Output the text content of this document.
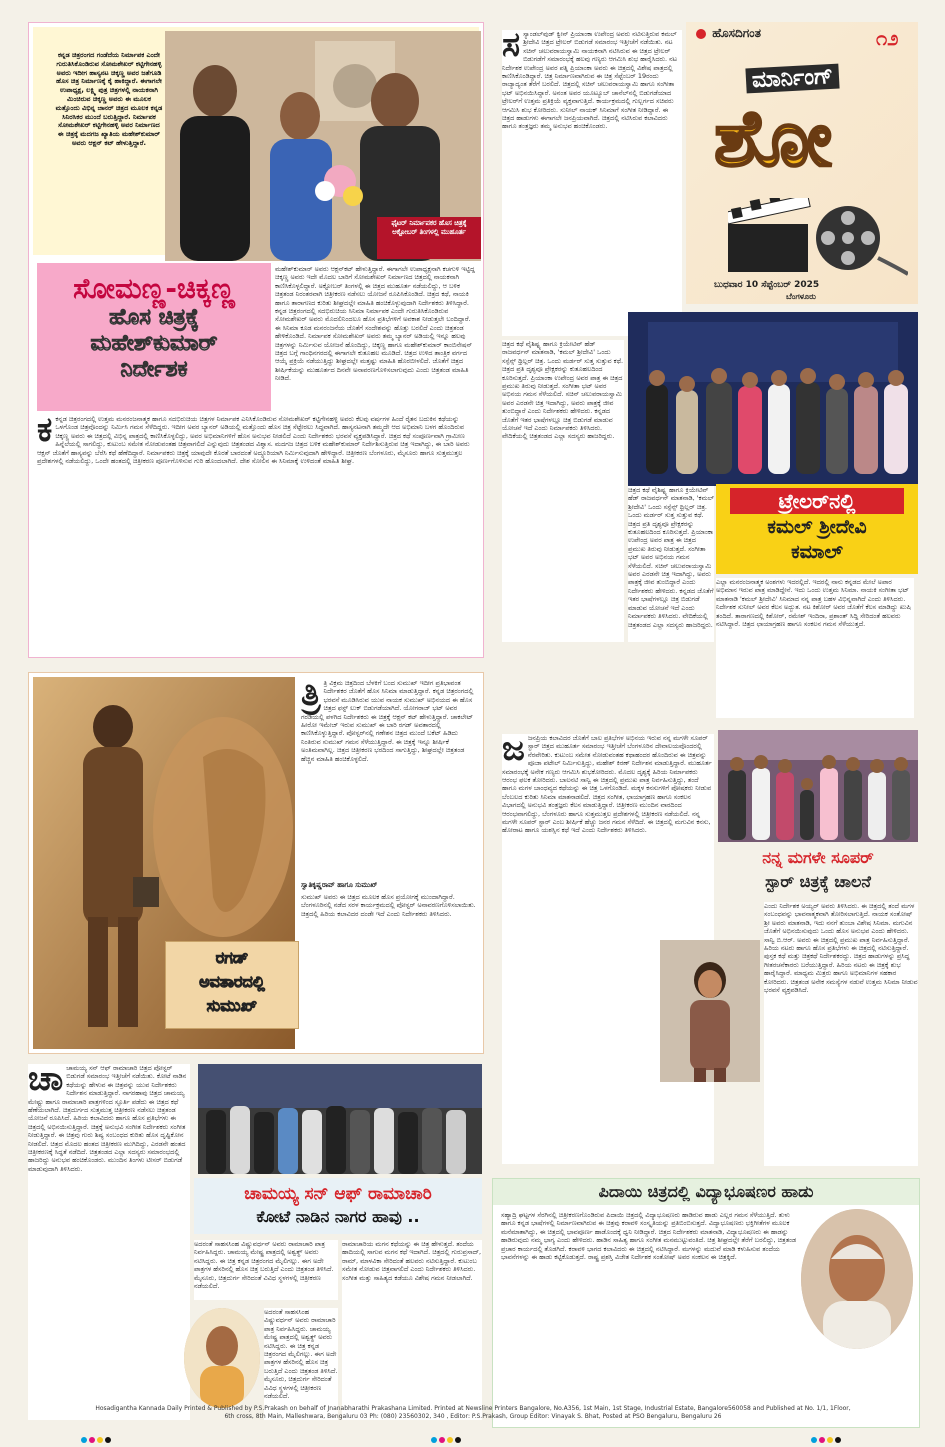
ಕನ್ನಡ ಚಿತ್ರರಂಗದ ಗಂಡೆದೆಯ ನಿರ್ಮಾಪಕ ಎಂದೇ ಗುರುತಿಸಿಕೊಂಡಿರುವ ಸೋಮಶೇಖರ್ ಕಟ್ಟಿಗೇನಹಳ್ಳಿ ಅವರು ಇದೀಗ ಹಾಸ್ಯನಟ ಚಿಕ್ಕಣ್ಣ ಅವರ ಜತೆಗೂಡಿ ಹೊಸ ಚಿತ್ರ ನಿರ್ಮಾಣಕ್ಕೆ ಕೈ ಹಾಕಿದ್ದಾರೆ. ಈಗಾಗಲೇ ಉಪಾಧ್ಯಕ್ಷ, ಲಕ್ಷ್ಮಿ ಪುತ್ರ ಚಿತ್ರಗಳಲ್ಲಿ ನಾಯಕನಾಗಿ ಮಿಂಚಿರುವ ಚಿಕ್ಕಣ್ಣ ಅವರು ಈ ಮೂಲಕ ಮತ್ತೊಂದು ವಿಭಿನ್ನ ಜಾನರ್ ಚಿತ್ರದ ಮೂಲಕ ಕನ್ನಡ ಸಿನಿರಸಿಕರ ಮುಂದೆ ಬರುತ್ತಿದ್ದಾರೆ. ನಿರ್ಮಾಪಕ ಸೋಮಶೇಖರ್ ಕಟ್ಟಿಗೇನಹಳ್ಳಿ ಅವರ ನಿರ್ಮಾಣದ ಈ ಚಿತ್ರಕ್ಕೆ ಮದಗಜ ಖ್ಯಾತಿಯ ಮಹೇಶ್‌ಕುಮಾರ್ ಅವರು ಆಕ್ಷನ್ ಕಟ್ ಹೇಳುತ್ತಿದ್ದಾರೆ.
ಫೈಟರ್ ನಿರ್ಮಾಪಕರ ಹೊಸ ಚಿತ್ರಕ್ಕೆ ಅಕ್ಟೋಬರ್ ತಿಂಗಳಲ್ಲಿ ಮುಹೂರ್ತ
ಸೋಮಣ್ಣ-ಚಿಕ್ಕಣ್ಣ
ಹೊಸ ಚಿತ್ರಕ್ಕೆ
ಮಹೇಶ್‌ಕುಮಾರ್
ನಿರ್ದೇಶಕ
ಮಹೇಶ್‌ಕುಮಾರ್ ಅವರು ಆಕ್ಷನ್‌ಕಟ್ ಹೇಳುತ್ತಿದ್ದಾರೆ. ಈಗಾಗಲೇ ಉಪಾಧ್ಯಕ್ಷನಾಗಿ ಕಚಗುಳಿ ಇಟ್ಟಿದ್ದ ಚಿಕ್ಕಣ್ಣ ಅವರು ಇದೇ ಮೊದಲ ಬಾರಿಗೆ ಸೋಮಶೇಖರ್ ನಿರ್ಮಾಣದ ಚಿತ್ರದಲ್ಲಿ ನಾಯಕನಾಗಿ ಕಾಣಿಸಿಕೊಳ್ಳಲಿದ್ದಾರೆ. ಅಕ್ಟೋಬರ್ ತಿಂಗಳಲ್ಲಿ ಈ ಚಿತ್ರದ ಮುಹೂರ್ತ ನಡೆಯಲಿದ್ದು, ಆ ಬಳಿಕ ಚಿತ್ರತಂಡ ನಿರಂತರವಾಗಿ ಚಿತ್ರೀಕರಣ ನಡೆಸಲು ಯೋಜನೆ ರೂಪಿಸಿಕೊಂಡಿದೆ. ಚಿತ್ರದ ಕಥೆ, ನಾಯಕಿ ಹಾಗೂ ತಾರಾಗಣದ ಕುರಿತು ಶೀಘ್ರದಲ್ಲೇ ಮಾಹಿತಿ ಹಂಚಿಕೊಳ್ಳುವುದಾಗಿ ನಿರ್ದೇಶಕರು ತಿಳಿಸಿದ್ದಾರೆ. ಕನ್ನಡ ಚಿತ್ರರಂಗದಲ್ಲಿ ಸದಭಿರುಚಿಯ ಸಿನಿಮಾ ನಿರ್ಮಾಪಕ ಎಂದೇ ಗುರುತಿಸಿಕೊಂಡಿರುವ ಸೋಮಶೇಖರ್ ಅವರು ಮೊದಲಿನಿಂದಲೂ ಹೊಸ ಪ್ರತಿಭೆಗಳಿಗೆ ಅವಕಾಶ ನೀಡುತ್ತಲೇ ಬಂದಿದ್ದಾರೆ. ಈ ಸಿನಿಮಾ ಕೂಡ ಮನರಂಜನೆಯ ಜೊತೆಗೆ ಸಂದೇಶವನ್ನು ಹೊತ್ತು ಬರಲಿದೆ ಎಂದು ಚಿತ್ರತಂಡ ಹೇಳಿಕೊಂಡಿದೆ. ನಿರ್ಮಾಪಕ ಸೋಮಶೇಖರ್ ಅವರು ತಮ್ಮ ಬ್ಯಾನರ್ ಅಡಿಯಲ್ಲಿ ಇನ್ನೂ ಹಲವು ಚಿತ್ರಗಳನ್ನು ನಿರ್ಮಿಸುವ ಯೋಜನೆ ಹೊಂದಿದ್ದು, ಚಿಕ್ಕಣ್ಣ ಹಾಗೂ ಮಹೇಶ್‌ಕುಮಾರ್ ಕಾಂಬಿನೇಷನ್ ಚಿತ್ರದ ಬಗ್ಗೆ ಗಾಂಧಿನಗರದಲ್ಲಿ ಈಗಾಗಲೇ ಕುತೂಹಲ ಮೂಡಿದೆ. ಚಿತ್ರದ ಉಳಿದ ತಾಂತ್ರಿಕ ವರ್ಗದ ಆಯ್ಕೆ ಪ್ರಕ್ರಿಯೆ ನಡೆಯುತ್ತಿದ್ದು ಶೀಘ್ರದಲ್ಲೇ ಮತ್ತಷ್ಟು ಮಾಹಿತಿ ಹೊರಬೀಳಲಿದೆ. ಜೊತೆಗೆ ಚಿತ್ರದ ಶೀರ್ಷಿಕೆಯನ್ನು ಮುಹೂರ್ತದ ದಿನವೇ ಅನಾವರಣಗೊಳಿಸಲಾಗುವುದು ಎಂದು ಚಿತ್ರತಂಡ ಮಾಹಿತಿ ನೀಡಿದೆ.
ಕಕನ್ನಡ ಚಿತ್ರರಂಗದಲ್ಲಿ ಉತ್ತಮ ಮನರಂಜನಾತ್ಮಕ ಹಾಗೂ ಸದಭಿರುಚಿಯ ಚಿತ್ರಗಳ ನಿರ್ಮಾಪಕ ಎನಿಸಿಕೊಂಡಿರುವ ಸೋಮಶೇಖರ್ ಕಟ್ಟಿಗೇನಹಳ್ಳಿ ಅವರು ಕೆಲವು ವರ್ಷಗಳ ಹಿಂದೆ ರೈತನ ಬದುಕಿನ ಕಥೆಯನ್ನು ಒಳಗೊಂಡ ಚಿತ್ರವೊಂದನ್ನು ನಿರ್ಮಿಸಿ ಗಮನ ಸೆಳೆದಿದ್ದರು. ಇದೀಗ ಅವರ ಬ್ಯಾನರ್ ಅಡಿಯಲ್ಲಿ ಮತ್ತೊಂದು ಹೊಸ ಚಿತ್ರ ಸೆಟ್ಟೇರಲು ಸಿದ್ಧವಾಗಿದೆ. ಹಾಸ್ಯನಟನಾಗಿ ತಮ್ಮದೇ ಆದ ಅಭಿಮಾನಿ ಬಳಗ ಹೊಂದಿರುವ ಚಿಕ್ಕಣ್ಣ ಅವರು ಈ ಚಿತ್ರದಲ್ಲಿ ವಿಭಿನ್ನ ಪಾತ್ರದಲ್ಲಿ ಕಾಣಿಸಿಕೊಳ್ಳಲಿದ್ದು, ಅವರ ಅಭಿಮಾನಿಗಳಿಗೆ ಹೊಸ ಅನುಭವ ನೀಡಲಿದೆ ಎಂದು ನಿರ್ದೇಶಕರು ಭರವಸೆ ವ್ಯಕ್ತಪಡಿಸಿದ್ದಾರೆ. ಚಿತ್ರದ ಕಥೆ ಸಂಪೂರ್ಣವಾಗಿ ಗ್ರಾಮೀಣ ಹಿನ್ನೆಲೆಯಲ್ಲಿ ಸಾಗಲಿದ್ದು, ಕುಟುಂಬ ಸಮೇತ ನೋಡುವಂತಹ ಚಿತ್ರವಾಗಲಿದೆ ಎನ್ನುವುದು ಚಿತ್ರತಂಡದ ವಿಶ್ವಾಸ. ಮದಗಜ ಚಿತ್ರದ ಬಳಿಕ ಮಹೇಶ್‌ಕುಮಾರ್ ನಿರ್ದೇಶಿಸುತ್ತಿರುವ ಚಿತ್ರ ಇದಾಗಿದ್ದು, ಈ ಬಾರಿ ಅವರು ಆಕ್ಷನ್ ಜೊತೆಗೆ ಹಾಸ್ಯವನ್ನು ಬೆರೆಸಿ ಕಥೆ ಹೆಣೆದಿದ್ದಾರೆ. ನಿರ್ಮಾಪಕರು ಚಿತ್ರಕ್ಕೆ ಯಾವುದೇ ಕೊರತೆ ಬಾರದಂತೆ ಅದ್ಧೂರಿಯಾಗಿ ನಿರ್ಮಿಸುವುದಾಗಿ ಹೇಳಿದ್ದಾರೆ. ಚಿತ್ರೀಕರಣ ಬೆಂಗಳೂರು, ಮೈಸೂರು ಹಾಗೂ ಸುತ್ತಮುತ್ತಲ ಪ್ರದೇಶಗಳಲ್ಲಿ ನಡೆಯಲಿದ್ದು, ಒಂದೇ ಹಂತದಲ್ಲಿ ಚಿತ್ರೀಕರಣ ಪೂರ್ಣಗೊಳಿಸುವ ಗುರಿ ಹೊಂದಲಾಗಿದೆ. ದೇಶ ಸೋಲಿನ ಈ ಸಿನಿಮಾಕ್ಕೆ ಉಳಿದಂತೆ ಮಾಹಿತಿ ಶೀಘ್ರ.
ಹೊಸದಿಗಂತ	೧೨
ಮಾರ್ನಿಂಗ್
ಶೋ
ಬುಧವಾರ 10 ಸೆಪ್ಟೆಂಬರ್ 2025
ಬೆಂಗಳೂರು
ಸಸ್ಯಾಂಡಲ್‌ವುಡ್ ಕ್ವೀನ್ ಪ್ರಿಯಾಂಕಾ ಉಪೇಂದ್ರ ಅವರು ನಟಿಸುತ್ತಿರುವ ಕಮಲ್ ಶ್ರೀದೇವಿ ಚಿತ್ರದ ಟ್ರೇಲರ್ ಬಿಡುಗಡೆ ಸಮಾರಂಭ ಇತ್ತೀಚೆಗೆ ನಡೆಯಿತು. ನಟ ಸಚಿನ್ ಚಲುವರಾಯಸ್ವಾಮಿ ನಾಯಕನಾಗಿ ನಟಿಸಿರುವ ಈ ಚಿತ್ರದ ಟ್ರೇಲರ್ ಬಿಡುಗಡೆಗೆ ಸಮಾರಂಭಕ್ಕೆ ಹಲವು ಗಣ್ಯರು ಆಗಮಿಸಿ ಶುಭ ಹಾರೈಸಿದರು. ನಟ ನಿರ್ದೇಶಕ ಉಪೇಂದ್ರ ಅವರ ಪತ್ನಿ ಪ್ರಿಯಾಂಕಾ ಅವರು ಈ ಚಿತ್ರದಲ್ಲಿ ವಿಶೇಷ ಪಾತ್ರದಲ್ಲಿ ಕಾಣಿಸಿಕೊಂಡಿದ್ದಾರೆ. ಚಿತ್ರ ನಿರ್ಮಾಣವಾಗಿರುವ ಈ ಚಿತ್ರ ಸೆಪ್ಟೆಂಬರ್ 19ರಂದು ರಾಜ್ಯಾದ್ಯಂತ ತೆರೆಗೆ ಬರಲಿದೆ. ಚಿತ್ರದಲ್ಲಿ ಸಚಿನ್ ಚಲುವರಾಯಸ್ವಾಮಿ ಹಾಗೂ ಸಂಗೀತಾ ಭಟ್ ಅಭಿನಯಿಸಿದ್ದಾರೆ. ಅನಂತ ಅವರ ಯೂಟ್ಯೂಬ್ ಚಾನೆಲ್‌ನಲ್ಲಿ ಬಿಡುಗಡೆಯಾದ ಟ್ರೇಲರ್‌ಗೆ ಉತ್ತಮ ಪ್ರತಿಕ್ರಿಯೆ ವ್ಯಕ್ತವಾಗುತ್ತಿದೆ. ಕಾರ್ಯಕ್ರಮದಲ್ಲಿ ಗುಲ್ಬರ್ಗದ ಸಚಿವರು ಆಗಮಿಸಿ ಶುಭ ಕೋರಿದರು. ಸುನೀಲ್ ನಾಯಕ್ ಸಿನಿಮಾಗೆ ಸಂಗೀತ ನೀಡಿದ್ದಾರೆ. ಈ ಚಿತ್ರದ ಹಾಡುಗಳು ಈಗಾಗಲೇ ಜನಪ್ರಿಯವಾಗಿದೆ. ಚಿತ್ರದಲ್ಲಿ ನಟಿಸಿರುವ ಕಲಾವಿದರು ಹಾಗೂ ತಂತ್ರಜ್ಞರು ತಮ್ಮ ಅನುಭವ ಹಂಚಿಕೊಂಡರು.
ಚಿತ್ರದ ಕಥೆ ವೈಶಿಷ್ಟ್ಯ ಹಾಗೂ ಕ್ರಿಯೇಟಿವ್ ಹೆಡ್ ರಾಜವರ್ಧನ್ ಮಾತನಾಡಿ, 'ಕಮಲ್ ಶ್ರೀದೇವಿ' ಒಂದು ಸಸ್ಪೆನ್ಸ್ ಥ್ರಿಲ್ಲರ್ ಚಿತ್ರ. ಒಂದು ಮರ್ಡರ್ ಸುತ್ತ ಸುತ್ತುವ ಕಥೆ. ಚಿತ್ರದ ಪ್ರತಿ ದೃಶ್ಯವೂ ಪ್ರೇಕ್ಷಕರನ್ನು ಕುತೂಹಲದಿಂದ ಕೂರಿಸುತ್ತದೆ. ಪ್ರಿಯಾಂಕಾ ಉಪೇಂದ್ರ ಅವರ ಪಾತ್ರ ಈ ಚಿತ್ರದ ಪ್ರಮುಖ ತಿರುವು ನೀಡುತ್ತದೆ. ಸಂಗೀತಾ ಭಟ್ ಅವರ ಅಭಿನಯ ಗಮನ ಸೆಳೆಯಲಿದೆ. ಸಚಿನ್ ಚಲುವರಾಯಸ್ವಾಮಿ ಅವರ ಎರಡನೇ ಚಿತ್ರ ಇದಾಗಿದ್ದು, ಅವರು ಪಾತ್ರಕ್ಕೆ ಜೀವ ತುಂಬಿದ್ದಾರೆ ಎಂದು ನಿರ್ದೇಶಕರು ಹೇಳಿದರು. ಕನ್ನಡದ ಜೊತೆಗೆ ಇತರ ಭಾಷೆಗಳಲ್ಲೂ ಚಿತ್ರ ಬಿಡುಗಡೆ ಮಾಡುವ ಯೋಚನೆ ಇದೆ ಎಂದು ನಿರ್ಮಾಪಕರು ತಿಳಿಸಿದರು. ವೇದಿಕೆಯಲ್ಲಿ ಚಿತ್ರತಂಡದ ಎಲ್ಲಾ ಸದಸ್ಯರು ಹಾಜರಿದ್ದರು.
ಟ್ರೇಲರ್‌ನಲ್ಲಿ
ಕಮಲ್ ಶ್ರೀದೇವಿ
ಕಮಾಲ್
ಚಿತ್ರದ ಕಥೆ ವೈಶಿಷ್ಟ್ಯ ಹಾಗೂ ಕ್ರಿಯೇಟಿವ್ ಹೆಡ್ ರಾಜವರ್ಧನ್ ಮಾತನಾಡಿ, 'ಕಮಲ್ ಶ್ರೀದೇವಿ' ಒಂದು ಸಸ್ಪೆನ್ಸ್ ಥ್ರಿಲ್ಲರ್ ಚಿತ್ರ. ಒಂದು ಮರ್ಡರ್ ಸುತ್ತ ಸುತ್ತುವ ಕಥೆ. ಚಿತ್ರದ ಪ್ರತಿ ದೃಶ್ಯವೂ ಪ್ರೇಕ್ಷಕರನ್ನು ಕುತೂಹಲದಿಂದ ಕೂರಿಸುತ್ತದೆ. ಪ್ರಿಯಾಂಕಾ ಉಪೇಂದ್ರ ಅವರ ಪಾತ್ರ ಈ ಚಿತ್ರದ ಪ್ರಮುಖ ತಿರುವು ನೀಡುತ್ತದೆ. ಸಂಗೀತಾ ಭಟ್ ಅವರ ಅಭಿನಯ ಗಮನ ಸೆಳೆಯಲಿದೆ. ಸಚಿನ್ ಚಲುವರಾಯಸ್ವಾಮಿ ಅವರ ಎರಡನೇ ಚಿತ್ರ ಇದಾಗಿದ್ದು, ಅವರು ಪಾತ್ರಕ್ಕೆ ಜೀವ ತುಂಬಿದ್ದಾರೆ ಎಂದು ನಿರ್ದೇಶಕರು ಹೇಳಿದರು. ಕನ್ನಡದ ಜೊತೆಗೆ ಇತರ ಭಾಷೆಗಳಲ್ಲೂ ಚಿತ್ರ ಬಿಡುಗಡೆ ಮಾಡುವ ಯೋಚನೆ ಇದೆ ಎಂದು ನಿರ್ಮಾಪಕರು ತಿಳಿಸಿದರು. ವೇದಿಕೆಯಲ್ಲಿ ಚಿತ್ರತಂಡದ ಎಲ್ಲಾ ಸದಸ್ಯರು ಹಾಜರಿದ್ದರು.
ಎಲ್ಲಾ ಮನರಂಜನಾತ್ಮಕ ಅಂಶಗಳು ಇದರಲ್ಲಿದೆ. ಇದರಲ್ಲಿ ನಾನು ಕನ್ನಡದ ಮೇಲೆ ಅಪಾರ ಅಭಿಮಾನ ಇರುವ ಪಾತ್ರ ಮಾಡಿದ್ದೇನೆ. ಇದು ಒಂದು ಉತ್ತಮ ಸಿನಿಮಾ. ನಾಯಕಿ ಸಂಗೀತಾ ಭಟ್ ಮಾತನಾಡಿ 'ಕಮಲ್ ಶ್ರೀದೇವಿ' ಸಿನಿಮಾದ ನನ್ನ ಪಾತ್ರ ಬಹಳ ವಿಭಿನ್ನವಾಗಿದೆ ಎಂದು ತಿಳಿಸಿದರು. ನಿರ್ದೇಶಕ ಸುನೀಲ್ ಅವರ ಕೆಲಸ ಅದ್ಭುತ. ನಟ ಕಿಶೋರ್ ಅವರ ಜೊತೆಗೆ ಕೆಲಸ ಮಾಡಿದ್ದು ಖುಷಿ ತಂದಿದೆ. ತಾರಾಗಣದಲ್ಲಿ ಕಿಶೋರ್, ರಮೇಶ್ ಇಂದಿರಾ, ಪ್ರಶಾಂತ್ ಸಿದ್ದಿ ಸೇರಿದಂತೆ ಹಲವರು ನಟಿಸಿದ್ದಾರೆ. ಚಿತ್ರದ ಛಾಯಾಗ್ರಹಣ ಹಾಗೂ ಸಂಕಲನ ಗಮನ ಸೆಳೆಯುತ್ತದೆ.
ರಗಡ್
ಅವತಾರದಲ್ಲಿ
ಸುಮುಖ್
ತ್ರಿ ತ್ರಿ ವಿಕ್ರಮ ಚಿತ್ರದಿಂದ ಬೆಳಕಿಗೆ ಬಂದ ಸುಮುಖ್ ಇದೀಗ ಪ್ರತಿಭಾವಂತ ನಿರ್ದೇಶಕರ ಜೊತೆಗೆ ಹೊಸ ಸಿನಿಮಾ ಮಾಡುತ್ತಿದ್ದಾರೆ. ಕನ್ನಡ ಚಿತ್ರರಂಗದಲ್ಲಿ ಭರವಸೆ ಮೂಡಿಸಿರುವ ಯುವ ನಾಯಕ ಸುಮುಖ್ ಅಭಿನಯದ ಈ ಹೊಸ ಚಿತ್ರದ ಫಸ್ಟ್ ಲುಕ್ ಬಿಡುಗಡೆಯಾಗಿದೆ. ಯೋಗರಾಜ್ ಭಟ್ ಅವರ ಗರಡಿಯಲ್ಲಿ ಪಳಗಿದ ನಿರ್ದೇಶಕರು ಈ ಚಿತ್ರಕ್ಕೆ ಆಕ್ಷನ್ ಕಟ್ ಹೇಳುತ್ತಿದ್ದಾರೆ. ಚಾಕಲೇಟ್ ಹೀರೋ ಇಮೇಜ್ ಇರುವ ಸುಮುಖ್ ಈ ಬಾರಿ ರಗಡ್ ಅವತಾರದಲ್ಲಿ ಕಾಣಿಸಿಕೊಳ್ಳುತ್ತಿದ್ದಾರೆ. ಪೋಸ್ಟರ್‌ನಲ್ಲಿ ಗಣೇಶನ ಚಿತ್ರದ ಮುಂದೆ ಬಕೆಟ್ ಹಿಡಿದು ನಿಂತಿರುವ ಸುಮುಖ್ ಗಮನ ಸೆಳೆಯುತ್ತಿದ್ದಾರೆ. ಈ ಚಿತ್ರಕ್ಕೆ ಇನ್ನೂ ಶೀರ್ಷಿಕೆ ಅಂತಿಮವಾಗಿಲ್ಲ. ಚಿತ್ರದ ಚಿತ್ರೀಕರಣ ಭರದಿಂದ ಸಾಗುತ್ತಿದ್ದು, ಶೀಘ್ರದಲ್ಲೇ ಚಿತ್ರತಂಡ ಹೆಚ್ಚಿನ ಮಾಹಿತಿ ಹಂಚಿಕೊಳ್ಳಲಿದೆ.
ಸ್ವಾತಿಕೃಷ್ಣರಾವ್ ಹಾಗೂ ಸುಮುಖ್
ಸುಮುಖ್ ಅವರು ಈ ಚಿತ್ರದ ಮೂಲಕ ಹೊಸ ಪ್ರಯೋಗಕ್ಕೆ ಮುಂದಾಗಿದ್ದಾರೆ. ಬೆಂಗಳೂರಿನಲ್ಲಿ ನಡೆದ ಸರಳ ಕಾರ್ಯಕ್ರಮದಲ್ಲಿ ಪೋಸ್ಟರ್ ಅನಾವರಣಗೊಳಿಸಲಾಯಿತು. ಚಿತ್ರದಲ್ಲಿ ಹಿರಿಯ ಕಲಾವಿದರ ದಂಡೇ ಇದೆ ಎಂದು ನಿರ್ದೇಶಕರು ತಿಳಿಸಿದರು.
ಜಜನಪ್ರಿಯ ಕಲಾವಿದರ ಜೊತೆಗೆ ಬಾಲ ಪ್ರತಿಭೆಗಳ ಅಭಿನಯ ಇರುವ ನನ್ನ ಮಗಳೇ ಸೂಪರ್ ಸ್ಟಾರ್ ಚಿತ್ರದ ಮುಹೂರ್ತ ಸಮಾರಂಭ ಇತ್ತೀಚೆಗೆ ಬೆಂಗಳೂರಿನ ದೇವಾಲಯವೊಂದರಲ್ಲಿ ನೆರವೇರಿತು. ಕುಟುಂಬ ಸಮೇತ ನೋಡುವಂತಹ ಕಥಾಹಂದರ ಹೊಂದಿರುವ ಈ ಚಿತ್ರವನ್ನು ಪೂಜಾ ಪಟೇಲ್ ನಿರ್ಮಿಸುತ್ತಿದ್ದು, ಮಹೇಶ್ ಕಿರಣ್ ನಿರ್ದೇಶನ ಮಾಡುತ್ತಿದ್ದಾರೆ. ಮುಹೂರ್ತ ಸಮಾರಂಭಕ್ಕೆ ಅನೇಕ ಗಣ್ಯರು ಆಗಮಿಸಿ ಶುಭಕೋರಿದರು. ಮೊದಲ ದೃಶ್ಯಕ್ಕೆ ಹಿರಿಯ ನಿರ್ಮಾಪಕರು ಆರಂಭ ಫಲಕ ತೋರಿದರು. ಬಾಲನಟಿ ಸಾನ್ವಿ ಈ ಚಿತ್ರದಲ್ಲಿ ಪ್ರಮುಖ ಪಾತ್ರ ನಿರ್ವಹಿಸುತ್ತಿದ್ದು, ತಂದೆ ಹಾಗೂ ಮಗಳ ಬಾಂಧವ್ಯದ ಕಥೆಯನ್ನು ಈ ಚಿತ್ರ ಒಳಗೊಂಡಿದೆ. ಮಕ್ಕಳ ಕನಸುಗಳಿಗೆ ಪೋಷಕರು ನೀಡುವ ಬೆಂಬಲದ ಕುರಿತು ಸಿನಿಮಾ ಮಾತನಾಡಲಿದೆ. ಚಿತ್ರದ ಸಂಗೀತ, ಛಾಯಾಗ್ರಹಣ ಹಾಗೂ ಸಂಕಲನ ವಿಭಾಗದಲ್ಲಿ ಅನುಭವಿ ತಂತ್ರಜ್ಞರು ಕೆಲಸ ಮಾಡುತ್ತಿದ್ದಾರೆ. ಚಿತ್ರೀಕರಣ ಮುಂದಿನ ವಾರದಿಂದ ಆರಂಭವಾಗಲಿದ್ದು, ಬೆಂಗಳೂರು ಹಾಗೂ ಸುತ್ತಮುತ್ತಲ ಪ್ರದೇಶಗಳಲ್ಲಿ ಚಿತ್ರೀಕರಣ ನಡೆಯಲಿದೆ. ನನ್ನ ಮಗಳೇ ಸೂಪರ್ ಸ್ಟಾರ್ ಎಂಬ ಶೀರ್ಷಿಕೆ ಹೆಚ್ಚು ಜನರ ಗಮನ ಸೆಳೆದಿದೆ. ಈ ಚಿತ್ರದಲ್ಲಿ ಮಗುವಿನ ಕನಸು, ಹೋರಾಟ ಹಾಗೂ ಯಶಸ್ಸಿನ ಕಥೆ ಇದೆ ಎಂದು ನಿರ್ದೇಶಕರು ತಿಳಿಸಿದರು.
ನನ್ನ ಮಗಳೇ ಸೂಪರ್
ಸ್ಟಾರ್ ಚಿತ್ರಕ್ಕೆ ಚಾಲನೆ
ಎಂದು ನಿರ್ದೇಶಕ ಅಯ್ಯರ್ ಅವರು ತಿಳಿಸಿದರು. ಈ ಚಿತ್ರದಲ್ಲಿ ತಂದೆ ಮಗಳ ಸಂಬಂಧವನ್ನು ಭಾವನಾತ್ಮಕವಾಗಿ ತೋರಿಸಲಾಗುತ್ತಿದೆ. ನಾಯಕ ಸಂತೋಷ್ ಶ್ರೀ ಅವರು ಮಾತನಾಡಿ, ಇದು ನನಗೆ ತುಂಬಾ ವಿಶೇಷ ಸಿನಿಮಾ. ಮಗುವಿನ ಜೊತೆಗೆ ಅಭಿನಯಿಸುವುದು ಒಂದು ಹೊಸ ಅನುಭವ ಎಂದು ಹೇಳಿದರು. ಸಾನ್ವಿ ಬಿ.ಆರ್. ಅವರು ಈ ಚಿತ್ರದಲ್ಲಿ ಪ್ರಮುಖ ಪಾತ್ರ ನಿರ್ವಹಿಸುತ್ತಿದ್ದಾರೆ. ಹಿರಿಯ ನಟರು ಹಾಗೂ ಹೊಸ ಪ್ರತಿಭೆಗಳು ಈ ಚಿತ್ರದಲ್ಲಿ ನಟಿಸುತ್ತಿದ್ದಾರೆ. ಪುಸ್ತಕ ಕಥೆ ಮತ್ತು ಚಿತ್ರಕಥೆ ನಿರ್ದೇಶಕರದ್ದು. ಚಿತ್ರದ ಹಾಡುಗಳನ್ನು ಪ್ರಸಿದ್ಧ ಗೀತರಚನೆಕಾರರು ಬರೆಯುತ್ತಿದ್ದಾರೆ. ಹಿರಿಯ ನಟರು ಈ ಚಿತ್ರಕ್ಕೆ ಶುಭ ಹಾರೈಸಿದ್ದಾರೆ. ಮಾಧ್ಯಮ ಮಿತ್ರರು ಹಾಗೂ ಅಭಿಮಾನಿಗಳ ಸಹಕಾರ ಕೋರಿದರು. ಚಿತ್ರತಂಡ ಅನೇಕ ಸಮಸ್ಯೆಗಳ ನಡುವೆ ಉತ್ತಮ ಸಿನಿಮಾ ನೀಡುವ ಭರವಸೆ ವ್ಯಕ್ತಪಡಿಸಿದೆ.
ಚಾಚಾಮಯ್ಯ ಸನ್ ಆಫ್ ರಾಮಾಚಾರಿ ಚಿತ್ರದ ಪೋಸ್ಟರ್ ಬಿಡುಗಡೆ ಸಮಾರಂಭ ಇತ್ತೀಚೆಗೆ ನಡೆಯಿತು. ಕೋಟೆ ನಾಡಿನ ಕಥೆಯನ್ನು ಹೇಳುವ ಈ ಚಿತ್ರವನ್ನು ಯುವ ನಿರ್ದೇಶಕರು ನಿರ್ದೇಶನ ಮಾಡುತ್ತಿದ್ದಾರೆ. ನಾಗರಹಾವು ಚಿತ್ರದ ಚಾಮಯ್ಯ ಮೇಷ್ಟ್ರು ಹಾಗೂ ರಾಮಾಚಾರಿ ಪಾತ್ರಗಳಿಂದ ಸ್ಫೂರ್ತಿ ಪಡೆದು ಈ ಚಿತ್ರದ ಕಥೆ ಹೆಣೆಯಲಾಗಿದೆ. ಚಿತ್ರದುರ್ಗದ ಸುತ್ತಮುತ್ತ ಚಿತ್ರೀಕರಣ ನಡೆಸಲು ಚಿತ್ರತಂಡ ಯೋಜನೆ ರೂಪಿಸಿದೆ. ಹಿರಿಯ ಕಲಾವಿದರು ಹಾಗೂ ಹೊಸ ಪ್ರತಿಭೆಗಳು ಈ ಚಿತ್ರದಲ್ಲಿ ಅಭಿನಯಿಸುತ್ತಿದ್ದಾರೆ. ಚಿತ್ರಕ್ಕೆ ಅನುಭವಿ ಸಂಗೀತ ನಿರ್ದೇಶಕರು ಸಂಗೀತ ನೀಡುತ್ತಿದ್ದಾರೆ. ಈ ಚಿತ್ರವು ಗುರು ಶಿಷ್ಯ ಸಂಬಂಧದ ಕುರಿತು ಹೊಸ ದೃಷ್ಟಿಕೋನ ನೀಡಲಿದೆ. ಚಿತ್ರದ ಮೊದಲ ಹಂತದ ಚಿತ್ರೀಕರಣ ಮುಗಿದಿದ್ದು, ಎರಡನೇ ಹಂತದ ಚಿತ್ರೀಕರಣಕ್ಕೆ ಸಿದ್ಧತೆ ನಡೆದಿದೆ. ಚಿತ್ರತಂಡದ ಎಲ್ಲಾ ಸದಸ್ಯರು ಸಮಾರಂಭದಲ್ಲಿ ಹಾಜರಿದ್ದು ಅನುಭವ ಹಂಚಿಕೊಂಡರು. ಮುಂದಿನ ತಿಂಗಳು ಟೀಸರ್ ಬಿಡುಗಡೆ ಮಾಡುವುದಾಗಿ ತಿಳಿಸಿದರು.
ಚಾಮಯ್ಯ ಸನ್ ಆಫ್ ರಾಮಾಚಾರಿ
ಕೋಟೆ ನಾಡಿನ ನಾಗರ ಹಾವು ..
ಅದರಂತೆ ಸಾಹಸಸಿಂಹ ವಿಷ್ಣುವರ್ಧನ್ ಅವರು ರಾಮಾಚಾರಿ ಪಾತ್ರ ನಿರ್ವಹಿಸಿದ್ದರು. ಚಾಮಯ್ಯ ಮೇಷ್ಟ್ರ ಪಾತ್ರದಲ್ಲಿ ಅಶ್ವತ್ಥ್ ಅವರು ನಟಿಸಿದ್ದರು. ಈ ಚಿತ್ರ ಕನ್ನಡ ಚಿತ್ರರಂಗದ ಮೈಲಿಗಲ್ಲು. ಈಗ ಅದೇ ಪಾತ್ರಗಳ ಹೆಸರಿನಲ್ಲಿ ಹೊಸ ಚಿತ್ರ ಬರುತ್ತಿದೆ ಎಂದು ಚಿತ್ರತಂಡ ತಿಳಿಸಿದೆ. ಮೈಸೂರು, ಚಿತ್ರದುರ್ಗ ಸೇರಿದಂತೆ ವಿವಿಧ ಸ್ಥಳಗಳಲ್ಲಿ ಚಿತ್ರೀಕರಣ ನಡೆಯಲಿದೆ.
ಅದರಂತೆ ಸಾಹಸಸಿಂಹ ವಿಷ್ಣುವರ್ಧನ್ ಅವರು ರಾಮಾಚಾರಿ ಪಾತ್ರ ನಿರ್ವಹಿಸಿದ್ದರು. ಚಾಮಯ್ಯ ಮೇಷ್ಟ್ರ ಪಾತ್ರದಲ್ಲಿ ಅಶ್ವತ್ಥ್ ಅವರು ನಟಿಸಿದ್ದರು. ಈ ಚಿತ್ರ ಕನ್ನಡ ಚಿತ್ರರಂಗದ ಮೈಲಿಗಲ್ಲು. ಈಗ ಅದೇ ಪಾತ್ರಗಳ ಹೆಸರಿನಲ್ಲಿ ಹೊಸ ಚಿತ್ರ ಬರುತ್ತಿದೆ ಎಂದು ಚಿತ್ರತಂಡ ತಿಳಿಸಿದೆ. ಮೈಸೂರು, ಚಿತ್ರದುರ್ಗ ಸೇರಿದಂತೆ ವಿವಿಧ ಸ್ಥಳಗಳಲ್ಲಿ ಚಿತ್ರೀಕರಣ ನಡೆಯಲಿದೆ.
ರಾಮಾಚಾರಿಯ ಮಗನ ಕಥೆಯನ್ನು ಈ ಚಿತ್ರ ಹೇಳುತ್ತದೆ. ತಂದೆಯ ಹಾದಿಯಲ್ಲಿ ಸಾಗುವ ಮಗನ ಕಥೆ ಇದಾಗಿದೆ. ಚಿತ್ರದಲ್ಲಿ ಗುರುಪ್ರಸಾದ್, ರಾಮ್, ಮಾಳವಿಕಾ ಸೇರಿದಂತೆ ಹಲವರು ನಟಿಸುತ್ತಿದ್ದಾರೆ. ಕುಟುಂಬ ಸಮೇತ ನೋಡುವ ಚಿತ್ರವಾಗಲಿದೆ ಎಂದು ನಿರ್ದೇಶಕರು ತಿಳಿಸಿದರು. ಸಂಗೀತ ಮತ್ತು ಸಾಹಿತ್ಯದ ಕಡೆಯೂ ವಿಶೇಷ ಗಮನ ನೀಡಲಾಗಿದೆ.
ಪಿದಾಯಿ ಚಿತ್ರದಲ್ಲಿ ವಿದ್ಯಾಭೂಷಣರ ಹಾಡು
ಸಹ್ಯಾದ್ರಿ ಘಟ್ಟಗಳ ಸೆರಗಿನಲ್ಲಿ ಚಿತ್ರೀಕರಣಗೊಂಡಿರುವ ಪಿದಾಯಿ ಚಿತ್ರದಲ್ಲಿ ವಿದ್ಯಾಭೂಷಣರು ಹಾಡಿರುವ ಹಾಡು ಎಲ್ಲರ ಗಮನ ಸೆಳೆಯುತ್ತಿದೆ. ತುಳು ಹಾಗೂ ಕನ್ನಡ ಭಾಷೆಗಳಲ್ಲಿ ನಿರ್ಮಾಣವಾಗಿರುವ ಈ ಚಿತ್ರವು ಕರಾವಳಿ ಸಂಸ್ಕೃತಿಯನ್ನು ಪ್ರತಿಬಿಂಬಿಸುತ್ತದೆ. ವಿದ್ಯಾಭೂಷಣರು ಭಕ್ತಿಗೀತೆಗಳ ಮೂಲಕ ಮನೆಮಾತಾಗಿದ್ದು, ಈ ಚಿತ್ರದಲ್ಲಿ ಭಾವಪೂರ್ಣ ಹಾಡೊಂದಕ್ಕೆ ಧ್ವನಿ ನೀಡಿದ್ದಾರೆ. ಚಿತ್ರದ ನಿರ್ದೇಶಕರು ಮಾತನಾಡಿ, ವಿದ್ಯಾಭೂಷಣರು ಈ ಹಾಡನ್ನು ಹಾಡಿರುವುದು ನಮ್ಮ ಭಾಗ್ಯ ಎಂದು ಹೇಳಿದರು. ಹಾಡಿನ ಸಾಹಿತ್ಯ ಹಾಗೂ ಸಂಗೀತ ಮನಮುಟ್ಟುವಂತಿದೆ. ಚಿತ್ರ ಶೀಘ್ರದಲ್ಲೇ ತೆರೆಗೆ ಬರಲಿದ್ದು, ಚಿತ್ರತಂಡ ಪ್ರಚಾರ ಕಾರ್ಯದಲ್ಲಿ ತೊಡಗಿದೆ. ಕರಾವಳಿ ಭಾಗದ ಕಲಾವಿದರು ಈ ಚಿತ್ರದಲ್ಲಿ ನಟಿಸಿದ್ದಾರೆ. ಮಗಳನ್ನು ಮದುವೆ ಮಾಡಿ ಕಳುಹಿಸುವ ತಂದೆಯ ಭಾವನೆಗಳನ್ನು ಈ ಹಾಡು ಕಟ್ಟಿಕೊಡುತ್ತದೆ. ರಾಷ್ಟ್ರ ಪ್ರಶಸ್ತಿ ವಿಜೇತ ನಿರ್ದೇಶಕ ಸಂತೋಷ್ ಅವರ ಸಂಕಲನ ಈ ಚಿತ್ರಕ್ಕಿದೆ.
Hosadigantha Kannada Daily Printed & Published by P.S.Prakash on behalf of Jnanabharathi Prakashana Limited. Printed at Newsline Printers Bangalore, No.A356, 1st Main, 1st Stage, Industrial Estate, Bangalore560058 and Published at No. 1/1, 1Floor,
6th cross, 8th Main, Malleshwara, Bengaluru 03 Ph: (080) 23560302, 340 , Editor: P.S.Prakash, Group Editor: Vinayak S. Bhat, Posted at PSO Bengaluru, Bengaluru 26
